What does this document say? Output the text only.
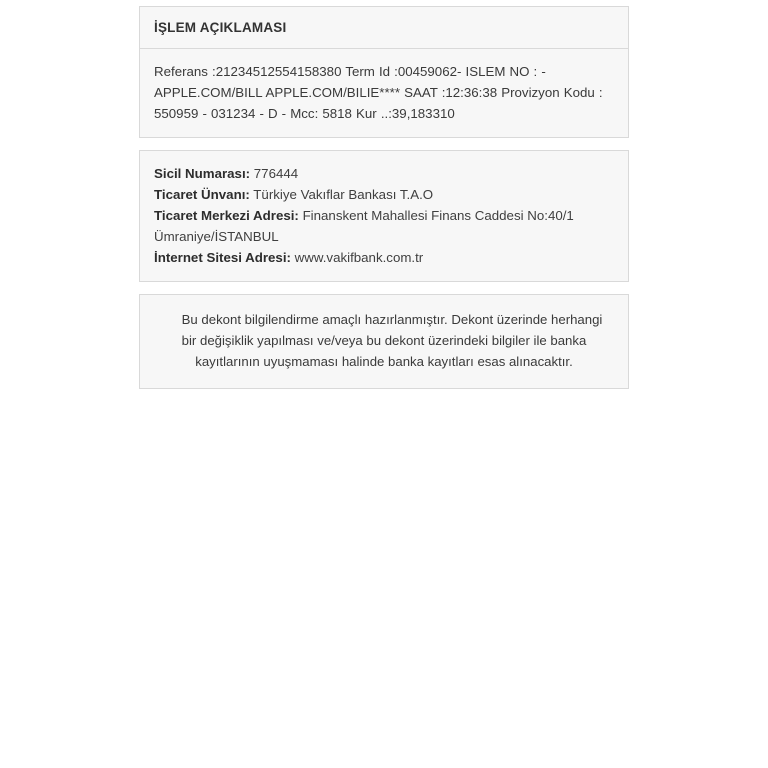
İŞLEM AÇIKLAMASI
Referans :21234512554158380 Term Id :00459062- ISLEM NO : - APPLE.COM/BILL APPLE.COM/BILIE**** SAAT :12:36:38 Provizyon Kodu : 550959 - 031234 - D - Mcc: 5818 Kur ..:39,183310
Sicil Numarası: 776444
Ticaret Ünvanı: Türkiye Vakıflar Bankası T.A.O
Ticaret Merkezi Adresi: Finanskent Mahallesi Finans Caddesi No:40/1 Ümraniye/İSTANBUL
İnternet Sitesi Adresi: www.vakifbank.com.tr
Bu dekont bilgilendirme amaçlı hazırlanmıştır. Dekont üzerinde herhangi bir değişiklik yapılması ve/veya bu dekont üzerindeki bilgiler ile banka kayıtlarının uyuşmaması halinde banka kayıtları esas alınacaktır.
